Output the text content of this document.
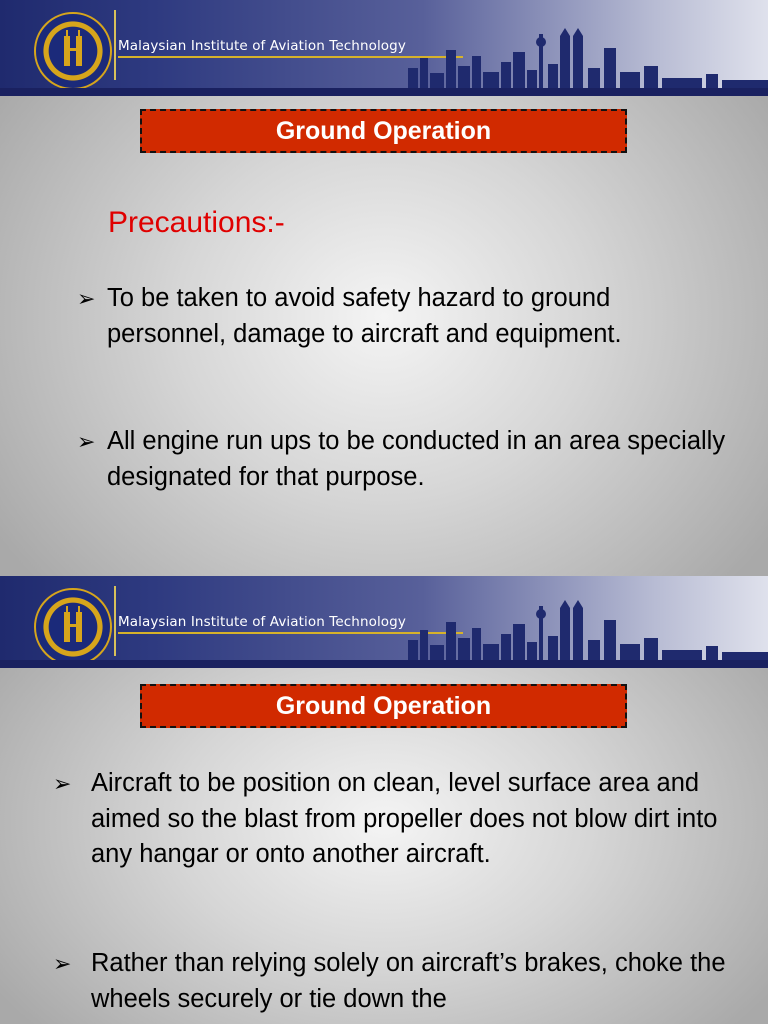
Malaysian Institute of Aviation Technology
Ground Operation
Precautions:-
➢ To be taken to avoid safety hazard to ground personnel, damage to aircraft and equipment.
➢ All engine run ups to be conducted in an area specially designated for that purpose.
Malaysian Institute of Aviation Technology
Ground Operation
➢ Aircraft to be position on clean, level surface area and aimed so the blast from propeller does not blow dirt into any hangar or onto another aircraft.
➢ Rather than relying solely on aircraft’s brakes, choke the wheels securely or tie down the
